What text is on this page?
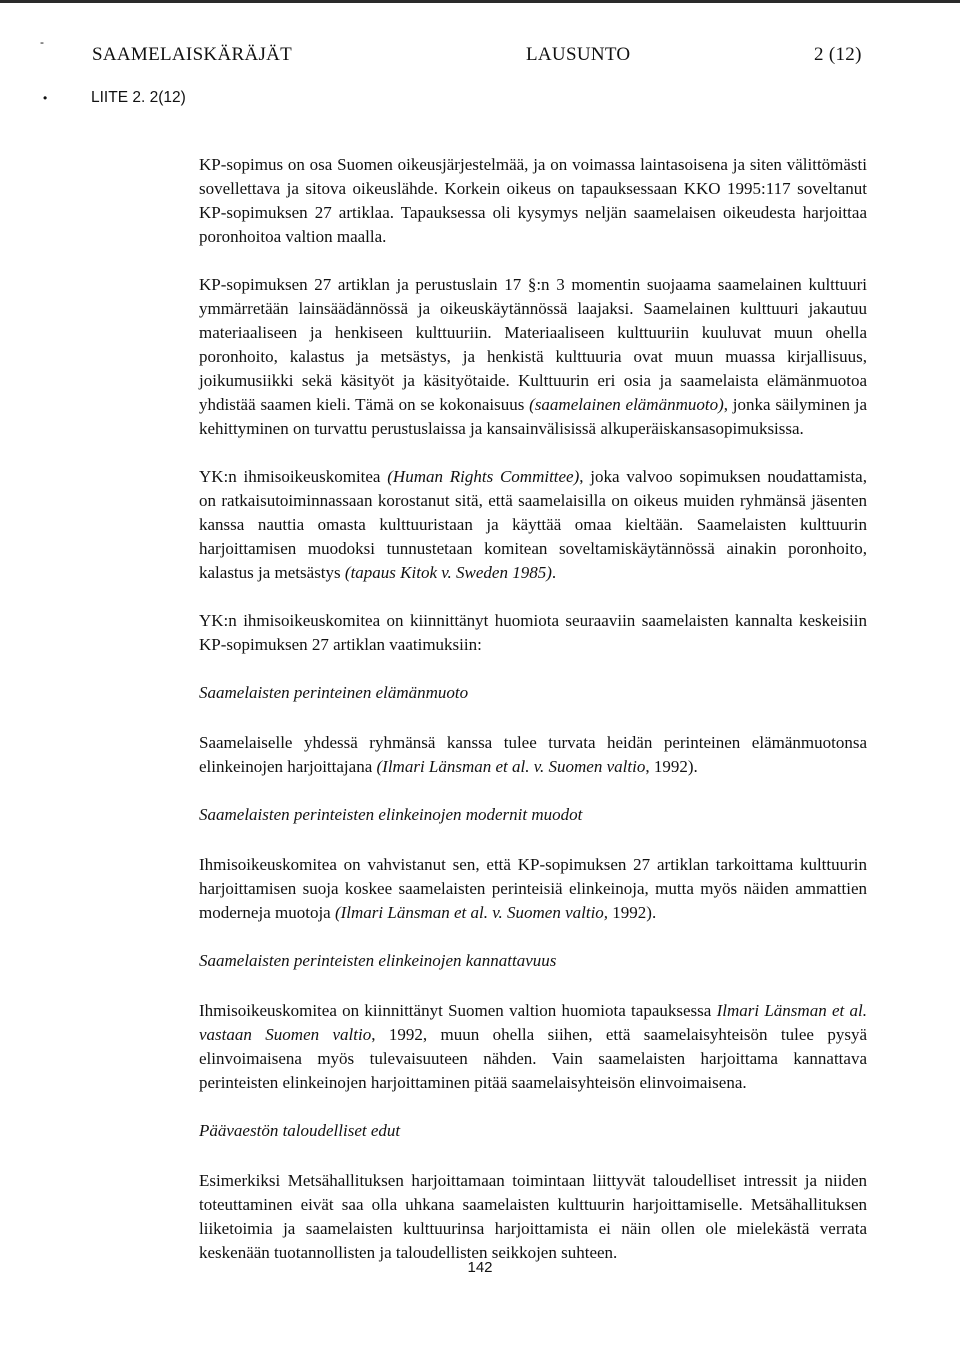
-
•
SAAMELAISKÄRÄJÄT	LAUSUNTO	2 (12)
LIITE 2. 2(12)

KP-sopimus on osa Suomen oikeusjärjestelmää, ja on voimassa laintasoisena ja siten välittömästi sovellettava ja sitova oikeuslähde. Korkein oikeus on tapauksessaan KKO 1995:117 soveltanut KP-sopimuksen 27 artiklaa. Tapauksessa oli kysymys neljän saamelaisen oikeudesta harjoittaa poronhoitoa valtion maalla.

KP-sopimuksen 27 artiklan ja perustuslain 17 §:n 3 momentin suojaama saamelainen kulttuuri ymmärretään lainsäädännössä ja oikeuskäytännössä laajaksi. Saamelainen kulttuuri jakautuu materiaaliseen ja henkiseen kulttuuriin. Materiaaliseen kulttuuriin kuuluvat muun ohella poronhoito, kalastus ja metsästys, ja henkistä kulttuuria ovat muun muassa kirjallisuus, joikumusiikki sekä käsityöt ja käsityötaide. Kulttuurin eri osia ja saamelaista elämänmuotoa yhdistää saamen kieli. Tämä on se kokonaisuus (saamelainen elämänmuoto), jonka säilyminen ja kehittyminen on turvattu perustuslaissa ja kansainvälisissä alkuperäiskansasopimuksissa.

YK:n ihmisoikeuskomitea (Human Rights Committee), joka valvoo sopimuksen noudattamista, on ratkaisutoiminnassaan korostanut sitä, että saamelaisilla on oikeus muiden ryhmänsä jäsenten kanssa nauttia omasta kulttuuristaan ja käyttää omaa kieltään. Saamelaisten kulttuurin harjoittamisen muodoksi tunnustetaan komitean soveltamiskäytännössä ainakin poronhoito, kalastus ja metsästys (tapaus Kitok v. Sweden 1985).

YK:n ihmisoikeuskomitea on kiinnittänyt huomiota seuraaviin saamelaisten kannalta keskeisiin KP-sopimuksen 27 artiklan vaatimuksiin:

Saamelaisten perinteinen elämänmuoto

Saamelaiselle yhdessä ryhmänsä kanssa tulee turvata heidän perinteinen elämänmuotonsa elinkeinojen harjoittajana (Ilmari Länsman et al. v. Suomen valtio, 1992).

Saamelaisten perinteisten elinkeinojen modernit muodot

Ihmisoikeuskomitea on vahvistanut sen, että KP-sopimuksen 27 artiklan tarkoittama kulttuurin harjoittamisen suoja koskee saamelaisten perinteisiä elinkeinoja, mutta myös näiden ammattien moderneja muotoja (Ilmari Länsman et al. v. Suomen valtio, 1992).

Saamelaisten perinteisten elinkeinojen kannattavuus

Ihmisoikeuskomitea on kiinnittänyt Suomen valtion huomiota tapauksessa Ilmari Länsman et al. vastaan Suomen valtio, 1992, muun ohella siihen, että saamelaisyhteisön tulee pysyä elinvoimaisena myös tulevaisuuteen nähden. Vain saamelaisten harjoittama kannattava perinteisten elinkeinojen harjoittaminen pitää saamelaisyhteisön elinvoimaisena.

Päävaestön taloudelliset edut

Esimerkiksi Metsähallituksen harjoittamaan toimintaan liittyvät taloudelliset intressit ja niiden toteuttaminen eivät saa olla uhkana saamelaisten kulttuurin harjoittamiselle. Metsähallituksen liiketoimia ja saamelaisten kulttuurinsa harjoittamista ei näin ollen ole mielekästä verrata keskenään tuotannollisten ja taloudellisten seikkojen suhteen.

142
